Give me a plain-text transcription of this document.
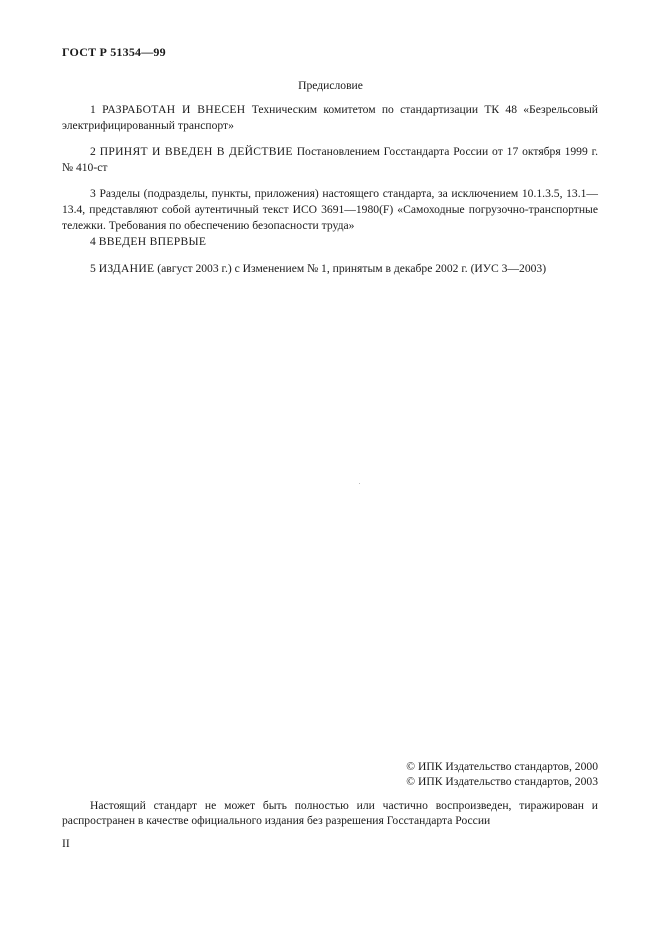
ГОСТ Р 51354—99
Предисловие
1 РАЗРАБОТАН И ВНЕСЕН Техническим комитетом по стандартизации ТК 48 «Безрельсовый электрифицированный транспорт»
2 ПРИНЯТ И ВВЕДЕН В ДЕЙСТВИЕ Постановлением Госстандарта России от 17 октября 1999 г. № 410-ст
3 Разделы (подразделы, пункты, приложения) настоящего стандарта, за исключением 10.1.3.5, 13.1—13.4, представляют собой аутентичный текст ИСО 3691—1980(F) «Самоходные погрузочно-транспортные тележки. Требования по обеспечению безопасности труда»
4 ВВЕДЕН ВПЕРВЫЕ
5 ИЗДАНИЕ (август 2003 г.) с Изменением № 1, принятым в декабре 2002 г. (ИУС 3—2003)
© ИПК Издательство стандартов, 2000
© ИПК Издательство стандартов, 2003
Настоящий стандарт не может быть полностью или частично воспроизведен, тиражирован и распространен в качестве официального издания без разрешения Госстандарта России
II
